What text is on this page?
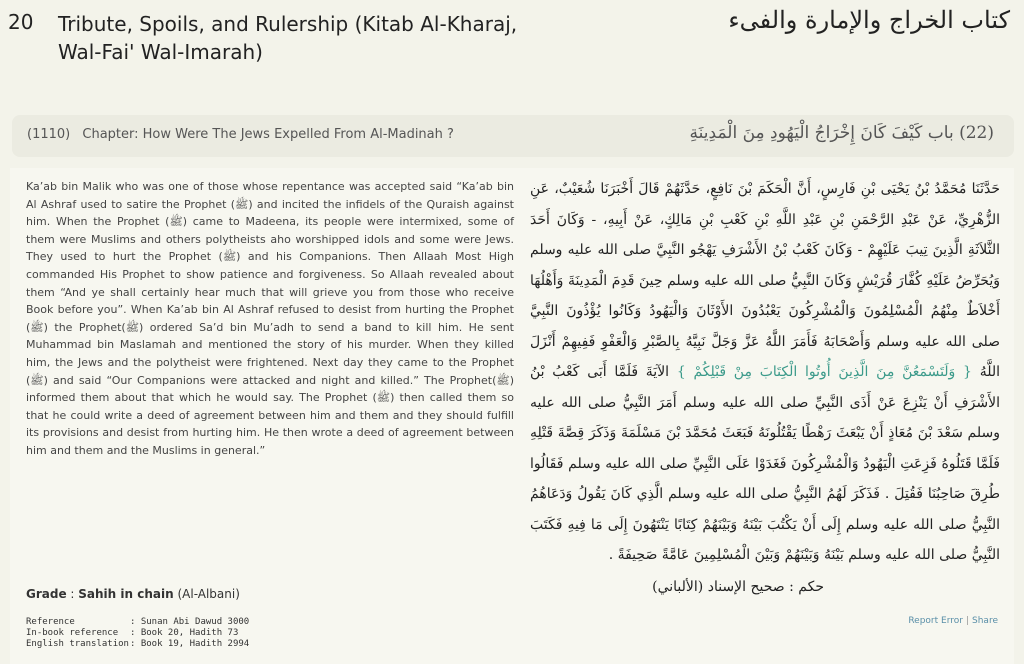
20 Tribute, Spoils, and Rulership (Kitab Al-Kharaj, Wal-Fai' Wal-Imarah)
كتاب الخراج والإمارة والفىء
(1110) Chapter: How Were The Jews Expelled From Al-Madinah ?	(22) باب كَيْفَ كَانَ إِخْرَاجُ الْيَهُودِ مِنَ الْمَدِينَةِ
Ka’ab bin Malik who was one of those whose repentance was accepted said “Ka’ab bin Al Ashraf used to satire the Prophet (ﷺ) and incited the infidels of the Quraish against him. When the Prophet (ﷺ) came to Madeena, its people were intermixed, some of them were Muslims and others polytheists aho worshipped idols and some were Jews. They used to hurt the Prophet (ﷺ) and his Companions. Then Allaah Most High commanded His Prophet to show patience and forgiveness. So Allaah revealed about them “And ye shall certainly hear much that will grieve you from those who receive Book before you”. When Ka’ab bin Al Ashraf refused to desist from hurting the Prophet (ﷺ) the Prophet(ﷺ) ordered Sa’d bin Mu’adh to send a band to kill him. He sent Muhammad bin Maslamah and mentioned the story of his murder. When they killed him, the Jews and the polytheist were frightened. Next day they came to the Prophet (ﷺ) and said “Our Companions were attacked and night and killed.” The Prophet(ﷺ) informed them about that which he would say. The Prophet (ﷺ) then called them so that he could write a deed of agreement between him and them and they should fulfill its provisions and desist from hurting him. He then wrote a deed of agreement between him and them and the Muslims in general.”
حَدَّثَنَا مُحَمَّدُ بْنُ يَحْيَى بْنِ فَارِسٍ، أَنَّ الْحَكَمَ بْنَ نَافِعٍ، حَدَّثَهُمْ قَالَ أَخْبَرَنَا شُعَيْبٌ، عَنِ الزُّهْرِيِّ، عَنْ عَبْدِ الرَّحْمَنِ بْنِ عَبْدِ اللَّهِ بْنِ كَعْبِ بْنِ مَالِكٍ، عَنْ أَبِيهِ، - وَكَانَ أَحَدَ الثَّلاَثَةِ الَّذِينَ تِيبَ عَلَيْهِمْ - وَكَانَ كَعْبُ بْنُ الأَشْرَفِ يَهْجُو النَّبِيَّ صلى الله عليه وسلم وَيُحَرِّضُ عَلَيْهِ كُفَّارَ قُرَيْشٍ وَكَانَ النَّبِيُّ صلى الله عليه وسلم حِينَ قَدِمَ الْمَدِينَةَ وَأَهْلُهَا أَخْلاَطٌ مِنْهُمُ الْمُسْلِمُونَ وَالْمُشْرِكُونَ يَعْبُدُونَ الأَوْثَانَ وَالْيَهُودُ وَكَانُوا يُؤْذُونَ النَّبِيَّ صلى الله عليه وسلم وَأَصْحَابَهُ فَأَمَرَ اللَّهُ عَزَّ وَجَلَّ نَبِيَّهُ بِالصَّبْرِ وَالْعَفْوِ فَفِيهِمْ أَنْزَلَ اللَّهُ { وَلَتَسْمَعُنَّ مِنَ الَّذِينَ أُوتُوا الْكِتَابَ مِنْ قَبْلِكُمْ } الآيَةَ فَلَمَّا أَبَى كَعْبُ بْنُ الأَشْرَفِ أَنْ يَنْزِعَ عَنْ أَذَى النَّبِيِّ صلى الله عليه وسلم أَمَرَ النَّبِيُّ صلى الله عليه وسلم سَعْدَ بْنَ مُعَاذٍ أَنْ يَبْعَثَ رَهْطًا يَقْتُلُونَهُ فَبَعَثَ مُحَمَّدَ بْنَ مَسْلَمَةَ وَذَكَرَ قِصَّةَ قَتْلِهِ فَلَمَّا قَتَلُوهُ فَزِعَتِ الْيَهُودُ وَالْمُشْرِكُونَ فَغَدَوْا عَلَى النَّبِيِّ صلى الله عليه وسلم فَقَالُوا طُرِقَ صَاحِبُنَا فَقُتِلَ ‏.‏ فَذَكَرَ لَهُمُ النَّبِيُّ صلى الله عليه وسلم الَّذِي كَانَ يَقُولُ وَدَعَاهُمُ النَّبِيُّ صلى الله عليه وسلم إِلَى أَنْ يَكْتُبَ بَيْنَهُ وَبَيْنَهُمْ كِتَابًا يَنْتَهُونَ إِلَى مَا فِيهِ فَكَتَبَ النَّبِيُّ صلى الله عليه وسلم بَيْنَهُ وَبَيْنَهُمْ وَبَيْنَ الْمُسْلِمِينَ عَامَّةً صَحِيفَةً ‏.
Grade : Sahih in chain (Al-Albani)	حكم : صحيح الإسناد (الألباني)
Reference	: Sunan Abi Dawud 3000
In-book reference	: Book 20, Hadith 73
English translation	: Book 19, Hadith 2994
Report Error | Share
